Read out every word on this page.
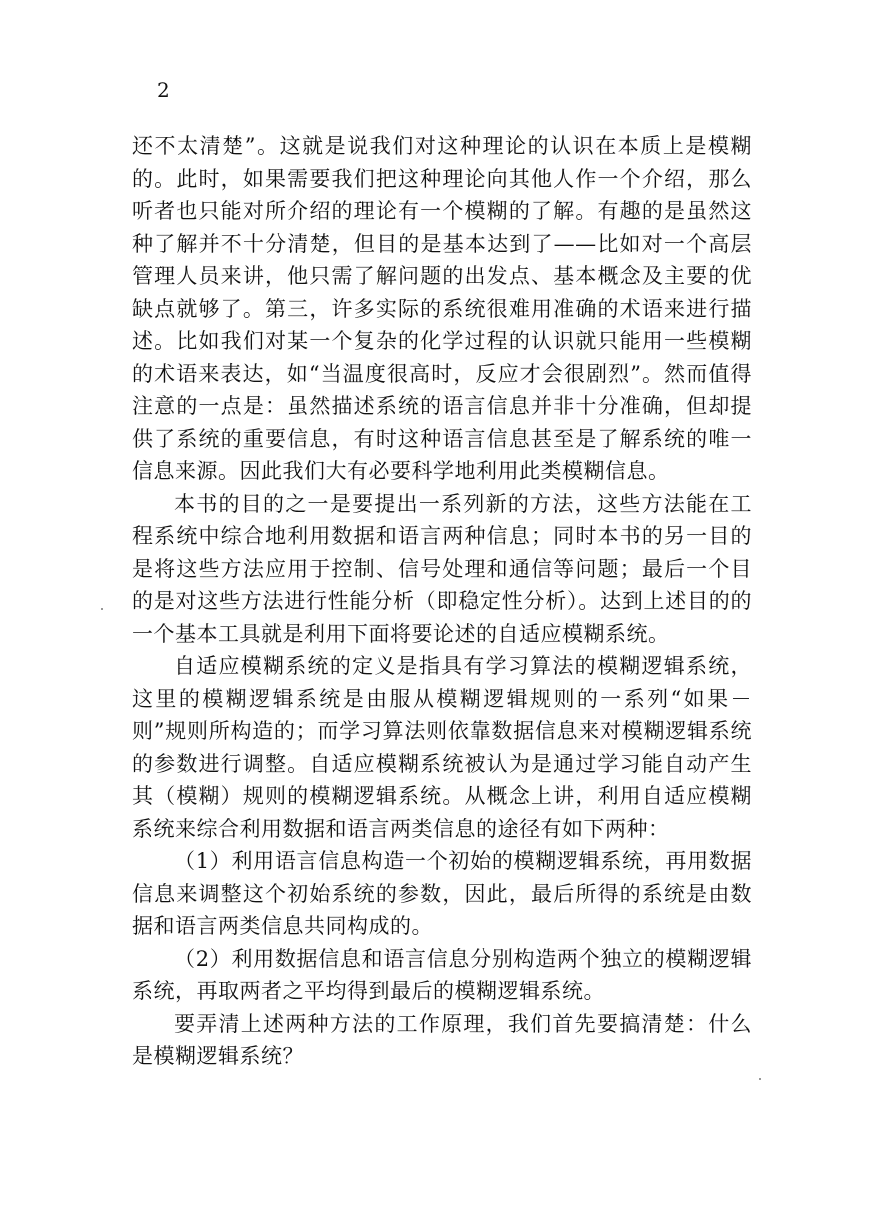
2

还不太清楚”。这就是说我们对这种理论的认识在本质上是模糊的。此时，如果需要我们把这种理论向其他人作一个介绍，那么听者也只能对所介绍的理论有一个模糊的了解。有趣的是虽然这种了解并不十分清楚，但目的是基本达到了——比如对一个高层管理人员来讲，他只需了解问题的出发点、基本概念及主要的优缺点就够了。第三，许多实际的系统很难用准确的术语来进行描述。比如我们对某一个复杂的化学过程的认识就只能用一些模糊的术语来表达，如“当温度很高时，反应才会很剧烈”。然而值得注意的一点是：虽然描述系统的语言信息并非十分准确，但却提供了系统的重要信息，有时这种语言信息甚至是了解系统的唯一信息来源。因此我们大有必要科学地利用此类模糊信息。

本书的目的之一是要提出一系列新的方法，这些方法能在工程系统中综合地利用数据和语言两种信息；同时本书的另一目的是将这些方法应用于控制、信号处理和通信等问题；最后一个目的是对这些方法进行性能分析（即稳定性分析）。达到上述目的的一个基本工具就是利用下面将要论述的自适应模糊系统。

自适应模糊系统的定义是指具有学习算法的模糊逻辑系统，这里的模糊逻辑系统是由服从模糊逻辑规则的一系列“如果－则”规则所构造的；而学习算法则依靠数据信息来对模糊逻辑系统的参数进行调整。自适应模糊系统被认为是通过学习能自动产生其（模糊）规则的模糊逻辑系统。从概念上讲，利用自适应模糊系统来综合利用数据和语言两类信息的途径有如下两种：

（1）利用语言信息构造一个初始的模糊逻辑系统，再用数据信息来调整这个初始系统的参数，因此，最后所得的系统是由数据和语言两类信息共同构成的。

（2）利用数据信息和语言信息分别构造两个独立的模糊逻辑系统，再取两者之平均得到最后的模糊逻辑系统。

要弄清上述两种方法的工作原理，我们首先要搞清楚：什么是模糊逻辑系统？
